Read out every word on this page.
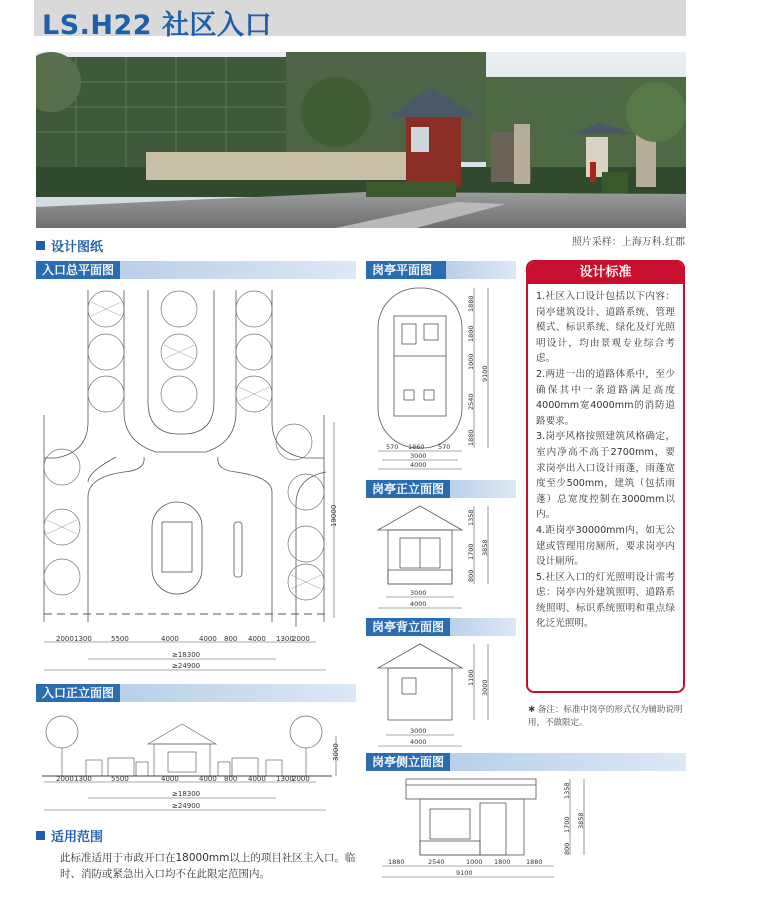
LS.H22 社区入口
照片采样：上海万科.红郡
设计图纸
入口总平面图
19000
2000 1300	5500	4000	4000 800 4000 1300
2000
≥18300
≥24900
入口正立面图
3000
2000 1300	5500	4000	4000 800 4000 1300
2000
≥18300
≥24900
适用范围
此标准适用于市政开口在18000mm以上的项目社区主入口。临时、消防或紧急出入口均不在此限定范围内。
岗亭平面图
1880
1800
1000
2540
1880
9100
570 1860 570
3000
4000
岗亭正立面图
1358
1700
800
3858
3000
4000
岗亭背立面图
1100
3000
3000
4000
岗亭侧立面图
1358
1700
800
3858
1880	2540	1000 1800 1880
9100
设计标准

1.社区入口设计包括以下内容：岗亭建筑设计、道路系统、管理模式、标识系统、绿化及灯光照明设计，均由景观专业综合考虑。

2.两进一出的道路体系中，至少确保其中一条道路满足高度4000mm宽4000mm的消防道路要求。

3.岗亭风格按照建筑风格确定，室内净高不高于2700mm，要求岗亭出入口设计雨蓬，雨蓬宽度至少500mm，建筑（包括雨蓬）总宽度控制在3000mm以内。

4.距岗亭30000mm内，如无公建或管理用房厕所，要求岗亭内设计厕所。

5.社区入口的灯光照明设计需考虑：岗亭内外建筑照明、道路系统照明、标识系统照明和重点绿化泛光照明。

✱ 备注：标准中岗亭的形式仅为辅助说明用，不做限定。
